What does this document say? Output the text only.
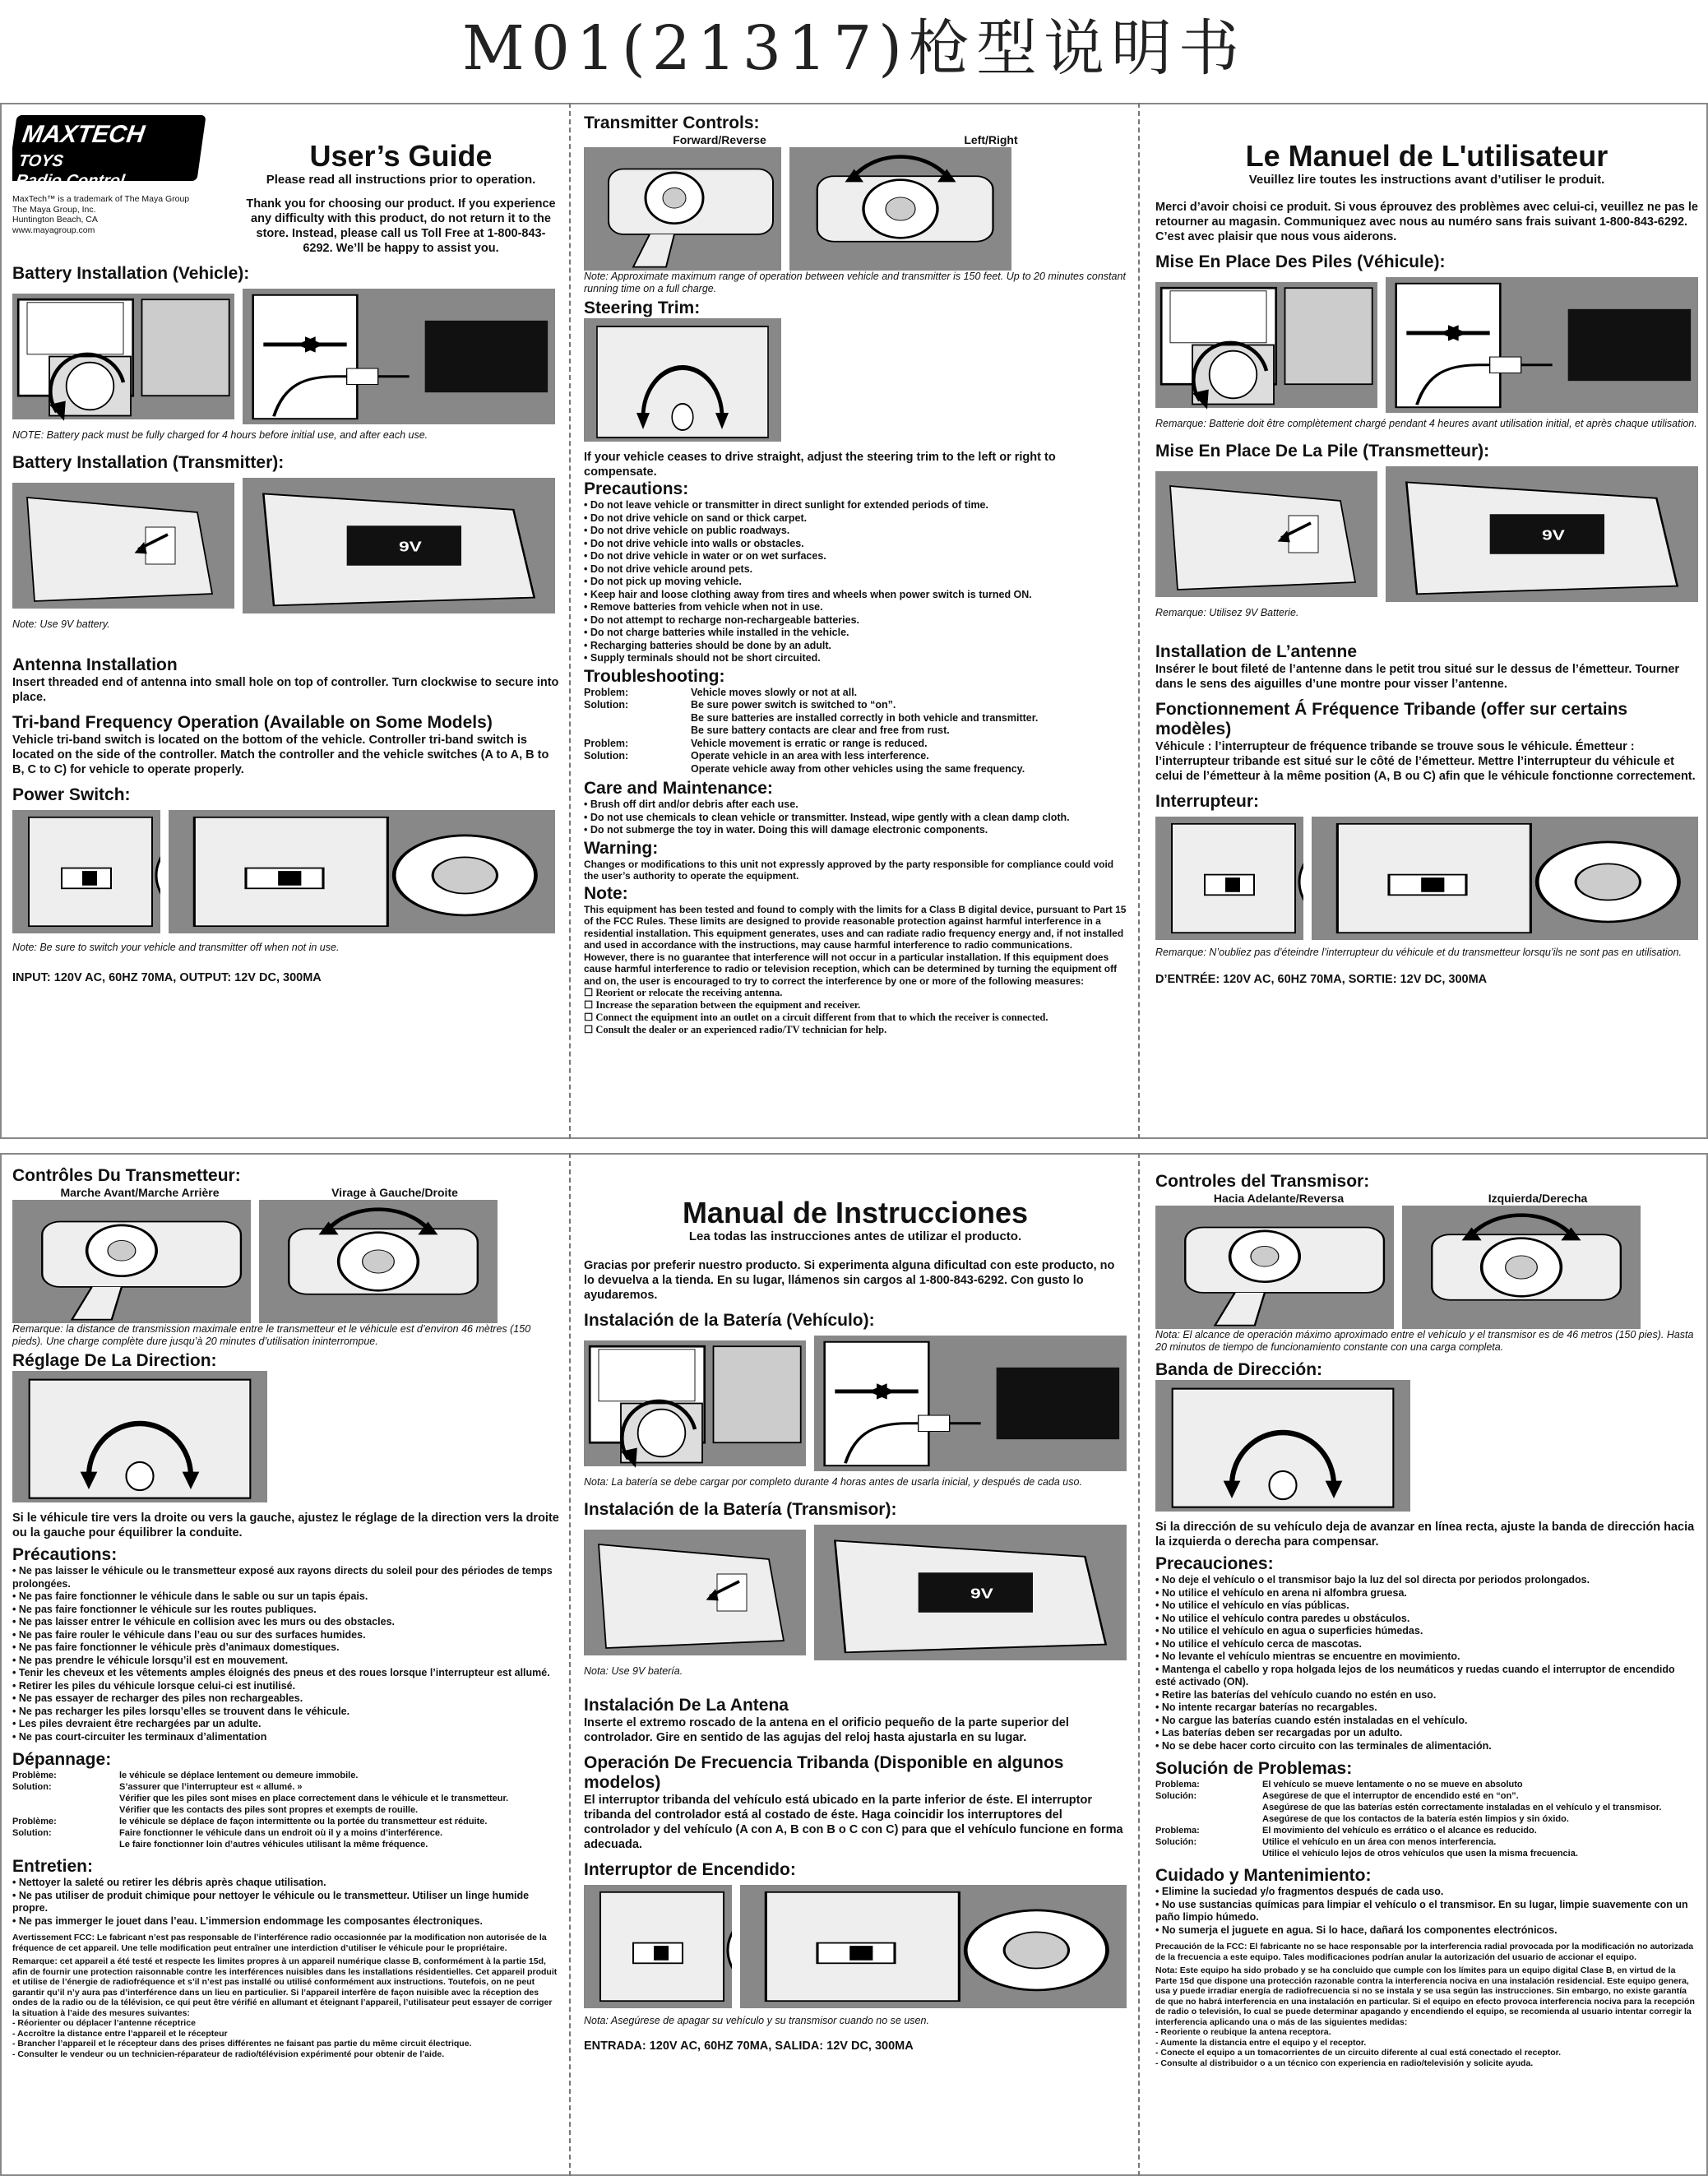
M01(21317)枪型说明书
MAXTECH
TOYS
Radio Control
MaxTech™ is a trademark of The Maya Group
The Maya Group, Inc.
Huntington Beach, CA
www.mayagroup.com
User’s Guide
Please read all instructions prior to operation.
Thank you for choosing our product. If you experience any difficulty with this product, do not return it to the store. Instead, please call us Toll Free at 1-800-843-6292. We’ll be happy to assist you.
Battery Installation (Vehicle):
NOTE: Battery pack must be fully charged for 4 hours before initial use, and after each use.
Battery Installation (Transmitter):
9V
Note: Use 9V battery.
Antenna Installation
Insert threaded end of antenna into small hole on top of controller. Turn clockwise to secure into place.
Tri-band Frequency Operation (Available on Some Models)
Vehicle tri-band switch is located on the bottom of the vehicle. Controller tri-band switch is located on the side of the controller. Match the controller and the vehicle switches (A to A, B to B, C to C) for vehicle to operate properly.
Power Switch:
Note: Be sure to switch your vehicle and transmitter off when not in use.
INPUT: 120V AC, 60HZ 70MA, OUTPUT: 12V DC, 300MA
Transmitter Controls:
Forward/Reverse	Left/Right
Note: Approximate maximum range of operation between vehicle and transmitter is 150 feet. Up to 20 minutes constant running time on a full charge.
Steering Trim:
If your vehicle ceases to drive straight, adjust the steering trim to the left or right to compensate.
Precautions:
• Do not leave vehicle or transmitter in direct sunlight for extended periods of time.
• Do not drive vehicle on sand or thick carpet.
• Do not drive vehicle on public roadways.
• Do not drive vehicle into walls or obstacles.
• Do not drive vehicle in water or on wet surfaces.
• Do not drive vehicle around pets.
• Do not pick up moving vehicle.
• Keep hair and loose clothing away from tires and wheels when power switch is turned ON.
• Remove batteries from vehicle when not in use.
• Do not attempt to recharge non-rechargeable batteries.
• Do not charge batteries while installed in the vehicle.
• Recharging batteries should be done by an adult.
• Supply terminals should not be short circuited.
Troubleshooting:
Problem:	Vehicle moves slowly or not at all.
Solution:	Be sure power switch is switched to “on”.
Be sure batteries are installed correctly in both vehicle and transmitter.
Be sure battery contacts are clear and free from rust.
Problem:	Vehicle movement is erratic or range is reduced.
Solution:	Operate vehicle in an area with less interference.
Operate vehicle away from other vehicles using the same frequency.
Care and Maintenance:
• Brush off dirt and/or debris after each use.
• Do not use chemicals to clean vehicle or transmitter. Instead, wipe gently with a clean damp cloth.
• Do not submerge the toy in water. Doing this will damage electronic components.
Warning:
Changes or modifications to this unit not expressly approved by the party responsible for compliance could void the user’s authority to operate the equipment.
Note:
This equipment has been tested and found to comply with the limits for a Class B digital device, pursuant to Part 15 of the FCC Rules. These limits are designed to provide reasonable protection against harmful interference in a residential installation. This equipment generates, uses and can radiate radio frequency energy and, if not installed and used in accordance with the instructions, may cause harmful interference to radio communications.
However, there is no guarantee that interference will not occur in a particular installation. If this equipment does cause harmful interference to radio or television reception, which can be determined by turning the equipment off and on, the user is encouraged to try to correct the interference by one or more of the following measures:
☐ Reorient or relocate the receiving antenna.
☐ Increase the separation between the equipment and receiver.
☐ Connect the equipment into an outlet on a circuit different from that to which the receiver is connected.
☐ Consult the dealer or an experienced radio/TV technician for help.
Le Manuel de L'utilisateur
Veuillez lire toutes les instructions avant d’utiliser le produit.
Merci d’avoir choisi ce produit. Si vous éprouvez des problèmes avec celui-ci, veuillez ne pas le retourner au magasin. Communiquez avec nous au numéro sans frais suivant 1-800-843-6292. C’est avec plaisir que nous vous aiderons.
Mise En Place Des Piles (Véhicule):
Remarque: Batterie doit être complètement chargé pendant 4 heures avant utilisation initial, et après chaque utilisation.
Mise En Place De La Pile (Transmetteur):
9V
Remarque: Utilisez 9V Batterie.
Installation de L’antenne
Insérer le bout fileté de l’antenne dans le petit trou situé sur le dessus de l’émetteur. Tourner dans le sens des aiguilles d’une montre pour visser l’antenne.
Fonctionnement Á Fréquence Tribande (offer sur certains modèles)
Véhicule : l’interrupteur de fréquence tribande se trouve sous le véhicule. Émetteur : l’interrupteur tribande est situé sur le côté de l’émetteur. Mettre l’interrupteur du véhicule et celui de l’émetteur à la même position (A, B ou C) afin que le véhicule fonctionne correctement.
Interrupteur:
Remarque: N’oubliez pas d’éteindre l’interrupteur du véhicule et du transmetteur lorsqu’ils ne sont pas en utilisation.
D’ENTRÉE: 120V AC, 60HZ 70MA, SORTIE: 12V DC, 300MA
Contrôles Du Transmetteur:
Marche Avant/Marche Arrière	Virage à Gauche/Droite
Remarque: la distance de transmission maximale entre le transmetteur et le véhicule est d’environ 46 mètres (150 pieds). Une charge complète dure jusqu’à 20 minutes d’utilisation ininterrompue.
Réglage De La Direction:
Si le véhicule tire vers la droite ou vers la gauche, ajustez le réglage de la direction vers la droite ou la gauche pour équilibrer la conduite.
Précautions:
• Ne pas laisser le véhicule ou le transmetteur exposé aux rayons directs du soleil pour des périodes de temps prolongées.
• Ne pas faire fonctionner le véhicule dans le sable ou sur un tapis épais.
• Ne pas faire fonctionner le véhicule sur les routes publiques.
• Ne pas laisser entrer le véhicule en collision avec les murs ou des obstacles.
• Ne pas faire rouler le véhicule dans l’eau ou sur des surfaces humides.
• Ne pas faire fonctionner le véhicule près d’animaux domestiques.
• Ne pas prendre le véhicule lorsqu’il est en mouvement.
• Tenir les cheveux et les vêtements amples éloignés des pneus et des roues lorsque l’interrupteur est allumé.
• Retirer les piles du véhicule lorsque celui-ci est inutilisé.
• Ne pas essayer de recharger des piles non rechargeables.
• Ne pas recharger les piles lorsqu’elles se trouvent dans le véhicule.
• Les piles devraient être rechargées par un adulte.
• Ne pas court-circuiter les terminaux d’alimentation
Dépannage:
Problème:	le véhicule se déplace lentement ou demeure immobile.
Solution:	S’assurer que l’interrupteur est « allumé. »
Vérifier que les piles sont mises en place correctement dans le véhicule et le transmetteur.
Vérifier que les contacts des piles sont propres et exempts de rouille.
Problème:	le véhicule se déplace de façon intermittente ou la portée du transmetteur est réduite.
Solution:	Faire fonctionner le véhicule dans un endroit où il y a moins d’interférence.
Le faire fonctionner loin d’autres véhicules utilisant la même fréquence.
Entretien:
• Nettoyer la saleté ou retirer les débris après chaque utilisation.
• Ne pas utiliser de produit chimique pour nettoyer le véhicule ou le transmetteur. Utiliser un linge humide propre.
• Ne pas immerger le jouet dans l’eau. L’immersion endommage les composantes électroniques.
Avertissement FCC: Le fabricant n’est pas responsable de l’interférence radio occasionnée par la modification non autorisée de la fréquence de cet appareil. Une telle modification peut entraîner une interdiction d’utiliser le véhicule pour le propriétaire.
Remarque: cet appareil a été testé et respecte les limites propres à un appareil numérique classe B, conformément à la partie 15d, afin de fournir une protection raisonnable contre les interférences nuisibles dans les installations résidentielles. Cet appareil produit et utilise de l’énergie de radiofréquence et s’il n’est pas installé ou utilisé conformément aux instructions. Toutefois, on ne peut garantir qu’il n’y aura pas d’interférence dans un lieu en particulier. Si l’appareil interfère de façon nuisible avec la réception des ondes de la radio ou de la télévision, ce qui peut être vérifié en allumant et éteignant l’appareil, l’utilisateur peut essayer de corriger la situation à l’aide des mesures suivantes:
- Réorienter ou déplacer l’antenne réceptrice
- Accroître la distance entre l’appareil et le récepteur
- Brancher l’appareil et le récepteur dans des prises différentes ne faisant pas partie du même circuit électrique.
- Consulter le vendeur ou un technicien-réparateur de radio/télévision expérimenté pour obtenir de l’aide.
Manual de Instrucciones
Lea todas las instrucciones antes de utilizar el producto.
Gracias por preferir nuestro producto. Si experimenta alguna dificultad con este producto, no lo devuelva a la tienda. En su lugar, llámenos sin cargos al 1-800-843-6292. Con gusto lo ayudaremos.
Instalación de la Batería (Vehículo):
Nota: La batería se debe cargar por completo durante 4 horas antes de usarla inicial, y después de cada uso.
Instalación de la Batería (Transmisor):
9V
Nota: Use 9V batería.
Instalación De La Antena
Inserte el extremo roscado de la antena en el orificio pequeño de la parte superior del controlador. Gire en sentido de las agujas del reloj hasta ajustarla en su lugar.
Operación De Frecuencia Tribanda (Disponible en algunos modelos)
El interruptor tribanda del vehículo está ubicado en la parte inferior de éste. El interruptor tribanda del controlador está al costado de éste. Haga coincidir los interruptores del controlador y del vehículo (A con A, B con B o C con C) para que el vehículo funcione en forma adecuada.
Interruptor de Encendido:
Nota: Asegúrese de apagar su vehículo y su transmisor cuando no se usen.
ENTRADA: 120V AC, 60HZ 70MA, SALIDA: 12V DC, 300MA
Controles del Transmisor:
Hacia Adelante/Reversa	Izquierda/Derecha
Nota: El alcance de operación máximo aproximado entre el vehículo y el transmisor es de 46 metros (150 pies). Hasta 20 minutos de tiempo de funcionamiento constante con una carga completa.
Banda de Dirección:
Si la dirección de su vehículo deja de avanzar en línea recta, ajuste la banda de dirección hacia la izquierda o derecha para compensar.
Precauciones:
• No deje el vehículo o el transmisor bajo la luz del sol directa por periodos prolongados.
• No utilice el vehículo en arena ni alfombra gruesa.
• No utilice el vehículo en vías públicas.
• No utilice el vehículo contra paredes u obstáculos.
• No utilice el vehículo en agua o superficies húmedas.
• No utilice el vehículo cerca de mascotas.
• No levante el vehículo mientras se encuentre en movimiento.
• Mantenga el cabello y ropa holgada lejos de los neumáticos y ruedas cuando el interruptor de encendido esté activado (ON).
• Retire las baterías del vehículo cuando no estén en uso.
• No intente recargar baterías no recargables.
• No cargue las baterías cuando estén instaladas en el vehículo.
• Las baterías deben ser recargadas por un adulto.
• No se debe hacer corto circuito con las terminales de alimentación.
Solución de Problemas:
Problema:	El vehículo se mueve lentamente o no se mueve en absoluto
Solución:	Asegúrese de que el interruptor de encendido esté en “on”.
Asegúrese de que las baterías estén correctamente instaladas en el vehículo y el transmisor.
Asegúrese de que los contactos de la batería estén limpios y sin óxido.
Problema:	El movimiento del vehículo es errático o el alcance es reducido.
Solución:	Utilice el vehículo en un área con menos interferencia.
Utilice el vehículo lejos de otros vehículos que usen la misma frecuencia.
Cuidado y Mantenimiento:
• Elimine la suciedad y/o fragmentos después de cada uso.
• No use sustancias químicas para limpiar el vehículo o el transmisor. En su lugar, limpie suavemente con un paño limpio húmedo.
• No sumerja el juguete en agua. Si lo hace, dañará los componentes electrónicos.
Precaución de la FCC: El fabricante no se hace responsable por la interferencia radial provocada por la modificación no autorizada de la frecuencia a este equipo. Tales modificaciones podrían anular la autorización del usuario de accionar el equipo.
Nota: Este equipo ha sido probado y se ha concluido que cumple con los límites para un equipo digital Clase B, en virtud de la Parte 15d que dispone una protección razonable contra la interferencia nociva en una instalación residencial. Este equipo genera, usa y puede irradiar energía de radiofrecuencia si no se instala y se usa según las instrucciones. Sin embargo, no existe garantía de que no habrá interferencia en una instalación en particular. Si el equipo en efecto provoca interferencia nociva para la recepción de radio o televisión, lo cual se puede determinar apagando y encendiendo el equipo, se recomienda al usuario intentar corregir la interferencia aplicando una o más de las siguientes medidas:
- Reoriente o reubique la antena receptora.
- Aumente la distancia entre el equipo y el receptor.
- Conecte el equipo a un tomacorrientes de un circuito diferente al cual está conectado el receptor.
- Consulte al distribuidor o a un técnico con experiencia en radio/televisión y solicite ayuda.
